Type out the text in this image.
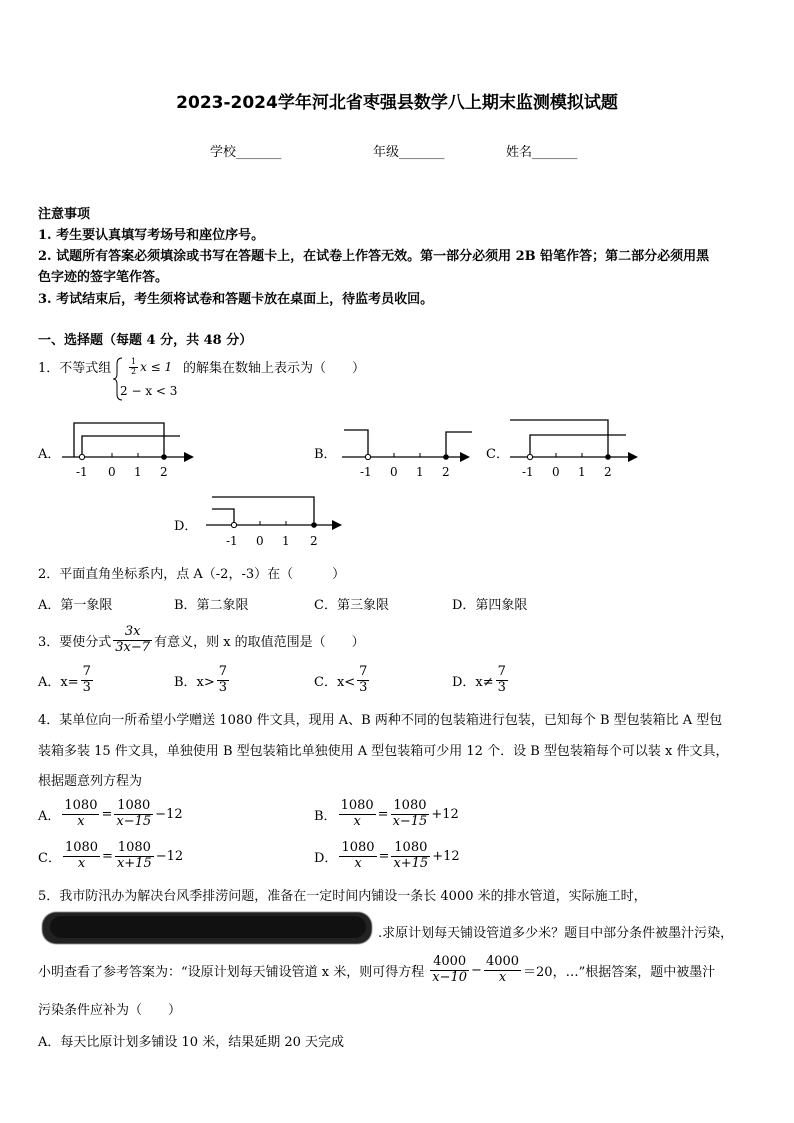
2023-2024学年河北省枣强县数学八上期末监测模拟试题
学校_______	年级_______	姓名_______
注意事项
1. 考生要认真填写考场号和座位序号。
2. 试题所有答案必须填涂或书写在答题卡上，在试卷上作答无效。第一部分必须用 2B 铅笔作答；第二部分必须用黑
色字迹的签字笔作答。
3. 考试结束后，考生须将试卷和答题卡放在桌面上，待监考员收回。
一、选择题（每题 4 分，共 48 分）
1．不等式组 $\frac{1}{2}$ x ≤ 1
2 − x < 3
的解集在数轴上表示为（　　）
A．
-1 0 1 2
B．
-1 0 1 2
C．
-1 0 1 2
D．
-1 0 1 2
2．平面直角坐标系内，点 A（-2，-3）在（　　　）
A．第一象限	B．第二象限	C．第三象限	D．第四象限
3．要使分式 $\frac{3x}{3x-7}$ 有意义，则 x 的取值范围是（　　）
A．$x= \frac{7}{3}$	B．$x> \frac{7}{3}$	C．$x< \frac{7}{3}$	D．$x\ne \frac{7}{3}$
4．某单位向一所希望小学赠送 1080 件文具，现用 A、B 两种不同的包装箱进行包装，已知每个 B 型包装箱比 A 型包
装箱多装 15 件文具，单独使用 B 型包装箱比单独使用 A 型包装箱可少用 12 个．设 B 型包装箱每个可以装 x 件文具，
根据题意列方程为
A． $\frac{1080}{x} = \frac{1080}{x-15} -12$	B． $\frac{1080}{x} = \frac{1080}{x-15} +12$
C． $\frac{1080}{x} = \frac{1080}{x+15} -12$	D． $\frac{1080}{x} = \frac{1080}{x+15} +12$
5．我市防汛办为解决台风季排涝问题，准备在一定时间内铺设一条长 4000 米的排水管道，实际施工时，
.求原计划每天铺设管道多少米？题目中部分条件被墨汁污染，
小明查看了参考答案为：“设原计划每天铺设管道 x 米，则可得方程 $\frac{4000}{x-10} - \frac{4000}{x} =20$，…”根据答案，题中被墨汁
污染条件应补为（　　）
A．每天比原计划多铺设 10 米，结果延期 20 天完成
